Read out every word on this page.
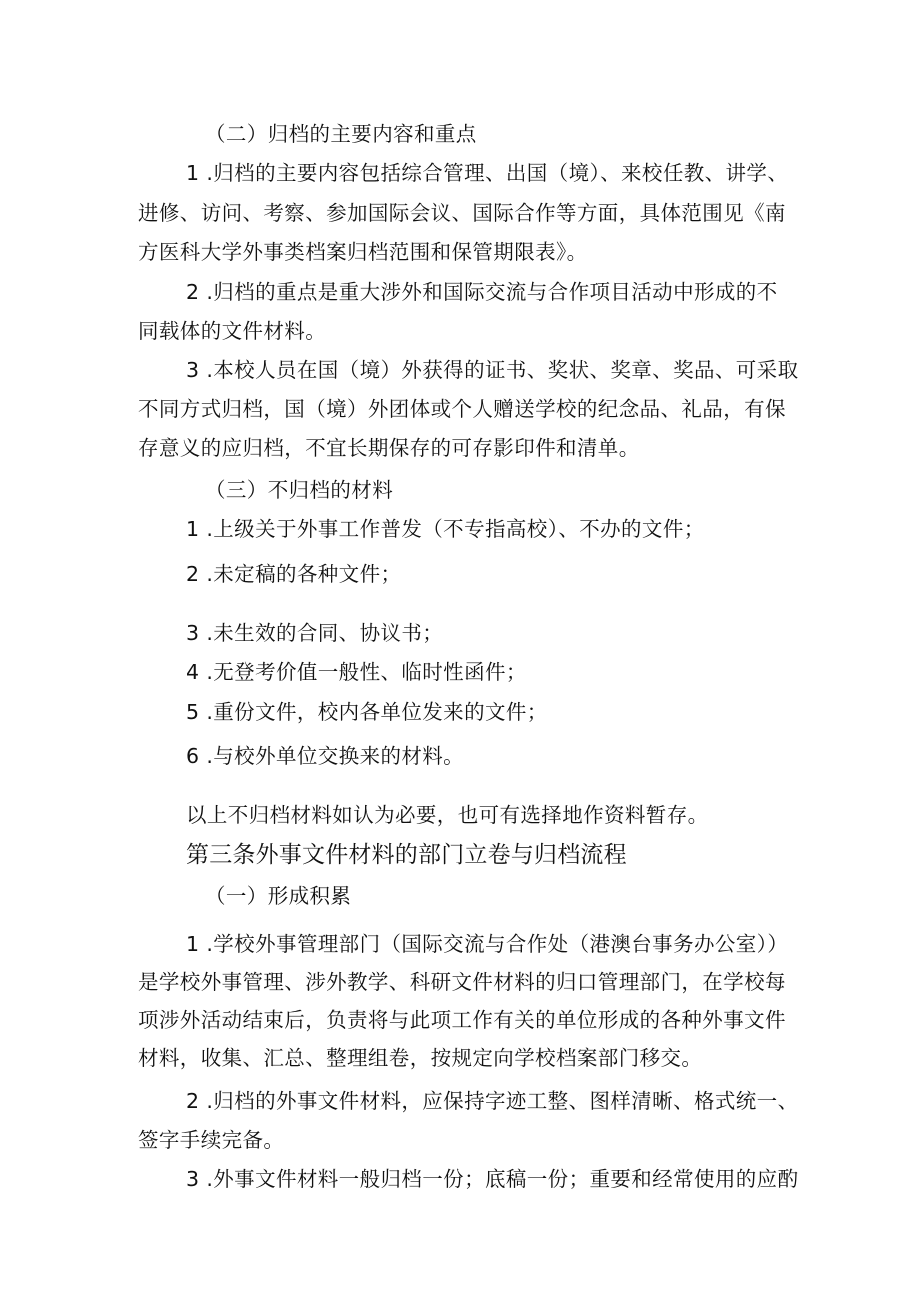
（二）归档的主要内容和重点
1 .归档的主要内容包括综合管理、出国（境）、来校任教、讲学、
进修、访问、考察、参加国际会议、国际合作等方面，具体范围见《南
方医科大学外事类档案归档范围和保管期限表》。
2 .归档的重点是重大涉外和国际交流与合作项目活动中形成的不
同载体的文件材料。
3 .本校人员在国（境）外获得的证书、奖状、奖章、奖品、可采取
不同方式归档，国（境）外团体或个人赠送学校的纪念品、礼品，有保
存意义的应归档，不宜长期保存的可存影印件和清单。
（三）不归档的材料
1 .上级关于外事工作普发（不专指高校）、不办的文件；
2 .未定稿的各种文件；
3 .未生效的合同、协议书；
4 .无登考价值一般性、临时性函件；
5 .重份文件，校内各单位发来的文件；
6 .与校外单位交换来的材料。
以上不归档材料如认为必要，也可有选择地作资料暂存。
第三条外事文件材料的部门立卷与归档流程
（一）形成积累
1 .学校外事管理部门（国际交流与合作处（港澳台事务办公室））
是学校外事管理、涉外教学、科研文件材料的归口管理部门，在学校每
项涉外活动结束后，负责将与此项工作有关的单位形成的各种外事文件
材料，收集、汇总、整理组卷，按规定向学校档案部门移交。
2 .归档的外事文件材料，应保持字迹工整、图样清晰、格式统一、
签字手续完备。
3 .外事文件材料一般归档一份；底稿一份；重要和经常使用的应酌
